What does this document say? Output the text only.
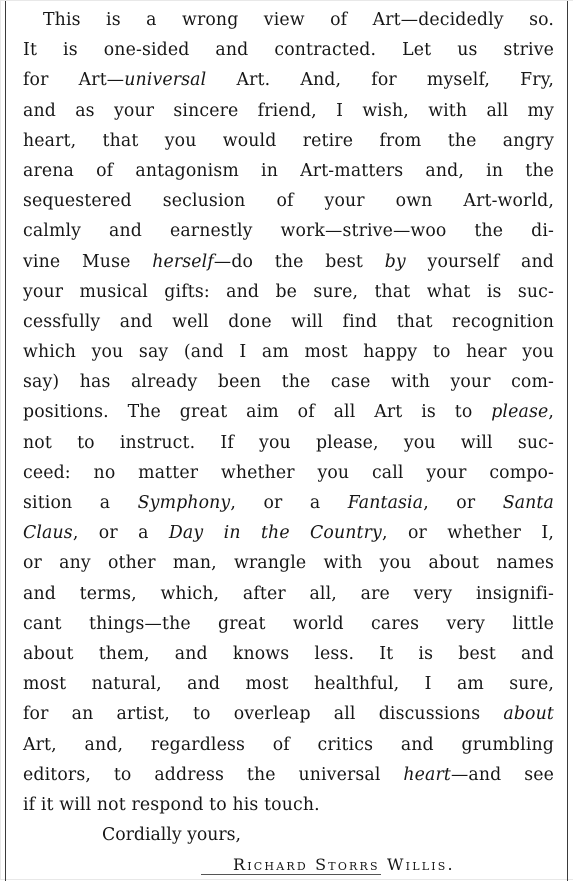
This is a wrong view of Art—decidedly so.
It is one-sided and contracted. Let us strive
for Art—universal Art. And, for myself, Fry,
and as your sincere friend, I wish, with all my
heart, that you would retire from the angry
arena of antagonism in Art-matters and, in the
sequestered seclusion of your own Art-world,
calmly and earnestly work—strive—woo the di-
vine Muse herself—do the best by yourself and
your musical gifts: and be sure, that what is suc-
cessfully and well done will find that recognition
which you say (and I am most happy to hear you
say) has already been the case with your com-
positions. The great aim of all Art is to please,
not to instruct. If you please, you will suc-
ceed: no matter whether you call your compo-
sition a Symphony, or a Fantasia, or Santa
Claus, or a Day in the Country, or whether I,
or any other man, wrangle with you about names
and terms, which, after all, are very insignifi-
cant things—the great world cares very little
about them, and knows less. It is best and
most natural, and most healthful, I am sure,
for an artist, to overleap all discussions about
Art, and, regardless of critics and grumbling
editors, to address the universal heart—and see
if it will not respond to his touch.
Cordially yours,
Richard Storrs Willis.
